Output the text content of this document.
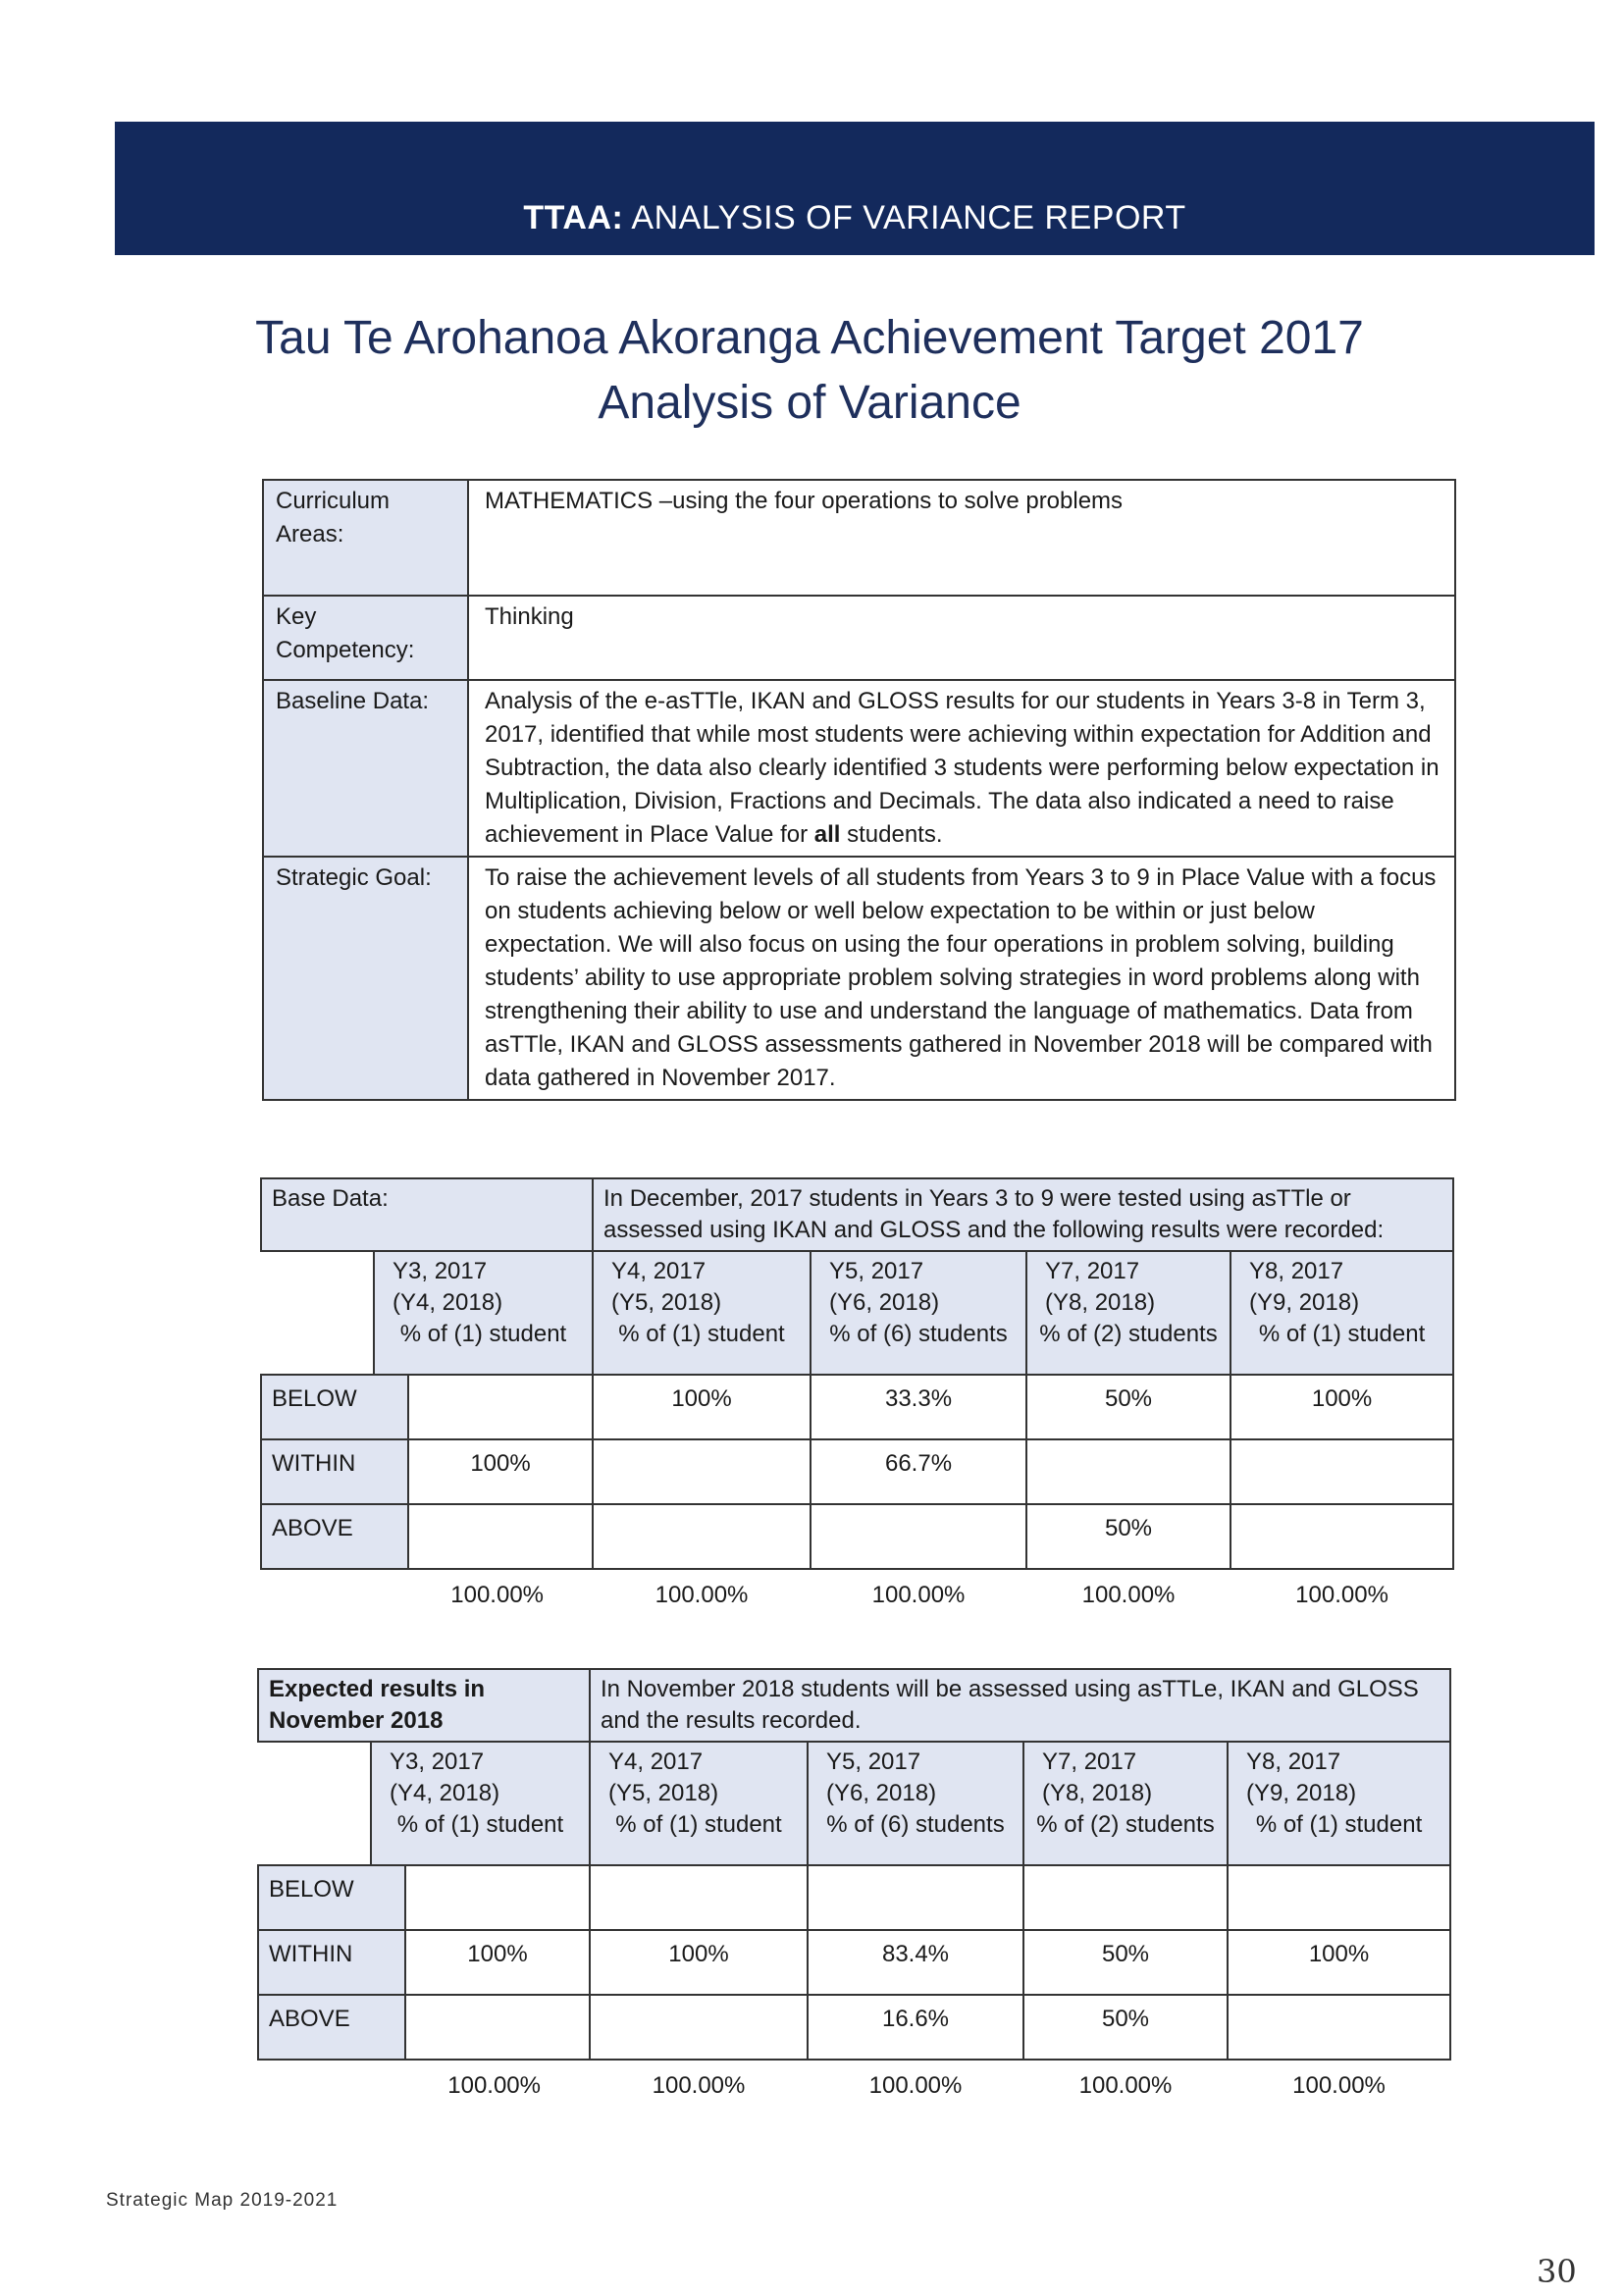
TTAA: ANALYSIS OF VARIANCE REPORT
Tau Te Arohanoa Akoranga Achievement Target 2017
Analysis of Variance
Curriculum Areas:	MATHEMATICS –using the four operations to solve problems
Key Competency:	Thinking
Baseline Data:	Analysis of the e-asTTle, IKAN and GLOSS results for our students in Years 3-8 in Term 3, 2017, identified that while most students were achieving within expectation for Addition and Subtraction, the data also clearly identified 3 students were performing below expectation in Multiplication, Division, Fractions and Decimals. The data also indicated a need to raise achievement in Place Value for all students.
Strategic Goal:	To raise the achievement levels of all students from Years 3 to 9 in Place Value with a focus on students achieving below or well below expectation to be within or just below expectation. We will also focus on using the four operations in problem solving, building students’ ability to use appropriate problem solving strategies in word problems along with strengthening their ability to use and understand the language of mathematics. Data from asTTle, IKAN and GLOSS assessments gathered in November 2018 will be compared with data gathered in November 2017.
Base Data:			In December, 2017 students in Years 3 to 9 were tested using asTTle or assessed using IKAN and GLOSS and the following results were recorded:			

	Y3, 2017
(Y4, 2018)
% of (1) student		Y4, 2017
(Y5, 2018)
% of (1) student	Y5, 2017
(Y6, 2018)
% of (6) students	Y7, 2017
(Y8, 2018)
% of (2) students	Y8, 2017
(Y9, 2018)
% of (1) student
BELOW			100%	33.3%	50%	100%
WITHIN		100%		66.7%		
ABOVE					50%	
100.00%			100.00%	100.00%	100.00%	100.00%
Expected results in November 2018			In November 2018 students will be assessed using asTTLe, IKAN and GLOSS and the results recorded.			

	Y3, 2017
(Y4, 2018)
% of (1) student		Y4, 2017
(Y5, 2018)
% of (1) student	Y5, 2017
(Y6, 2018)
% of (6) students	Y7, 2017
(Y8, 2018)
% of (2) students	Y8, 2017
(Y9, 2018)
% of (1) student
BELOW						
WITHIN		100%	100%	83.4%	50%	100%
ABOVE				16.6%	50%	
100.00%			100.00%	100.00%	100.00%	100.00%
Strategic Map 2019-2021
30
